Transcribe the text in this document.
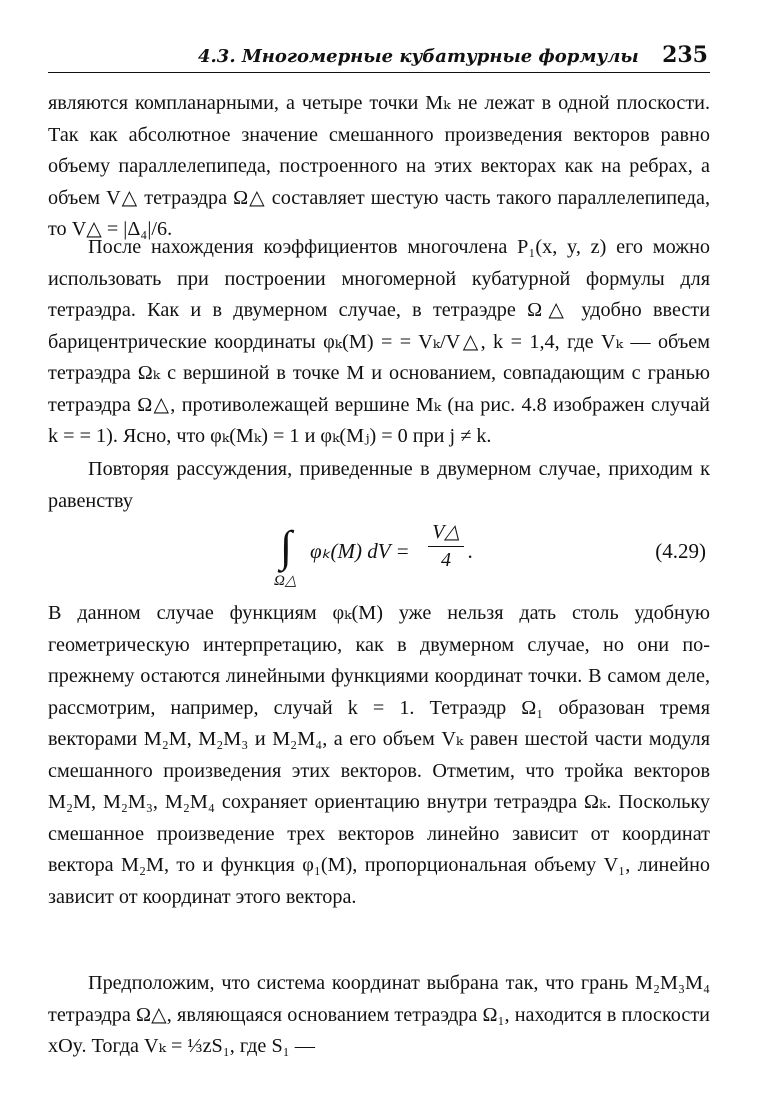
4.3. Многомерные кубатурные формулы 235
являются компланарными, а четыре точки Mₖ не лежат в одной плоскости. Так как абсолютное значение смешанного произведения векторов равно объему параллелепипеда, построенного на этих векторах как на ребрах, а объем V△ тетраэдра Ω△ составляет шестую часть такого параллелепипеда, то V△ = |Δ₄|/6.
После нахождения коэффициентов многочлена P₁(x, y, z) его можно использовать при построении многомерной кубатурной формулы для тетраэдра. Как и в двумерном случае, в тетраэдре Ω△ удобно ввести барицентрические координаты φₖ(M) = = Vₖ/V△, k = 1,4, где Vₖ — объем тетраэдра Ωₖ с вершиной в точке M и основанием, совпадающим с гранью тетраэдра Ω△, противолежащей вершине Mₖ (на рис. 4.8 изображен случай k = = 1). Ясно, что φₖ(Mₖ) = 1 и φₖ(Mⱼ) = 0 при j ≠ k.
Повторяя рассуждения, приведенные в двумерном случае, приходим к равенству
∫
Ω△
φₖ(M) dV =
V△
4 .	(4.29)
В данном случае функциям φₖ(M) уже нельзя дать столь удобную геометрическую интерпретацию, как в двумерном случае, но они по-прежнему остаются линейными функциями координат точки. В самом деле, рассмотрим, например, случай k = 1. Тетраэдр Ω₁ образован тремя векторами M₂M, M₂M₃ и M₂M₄, а его объем Vₖ равен шестой части модуля смешанного произведения этих векторов. Отметим, что тройка векторов M₂M, M₂M₃, M₂M₄ сохраняет ориентацию внутри тетраэдра Ωₖ. Поскольку смешанное произведение трех векторов линейно зависит от координат вектора M₂M, то и функция φ₁(M), пропорциональная объему V₁, линейно зависит от координат этого вектора.
Предположим, что система координат выбрана так, что грань M₂M₃M₄ тетраэдра Ω△, являющаяся основанием тетраэдра Ω₁, находится в плоскости xOy. Тогда Vₖ = ⅓zS₁, где S₁ —
